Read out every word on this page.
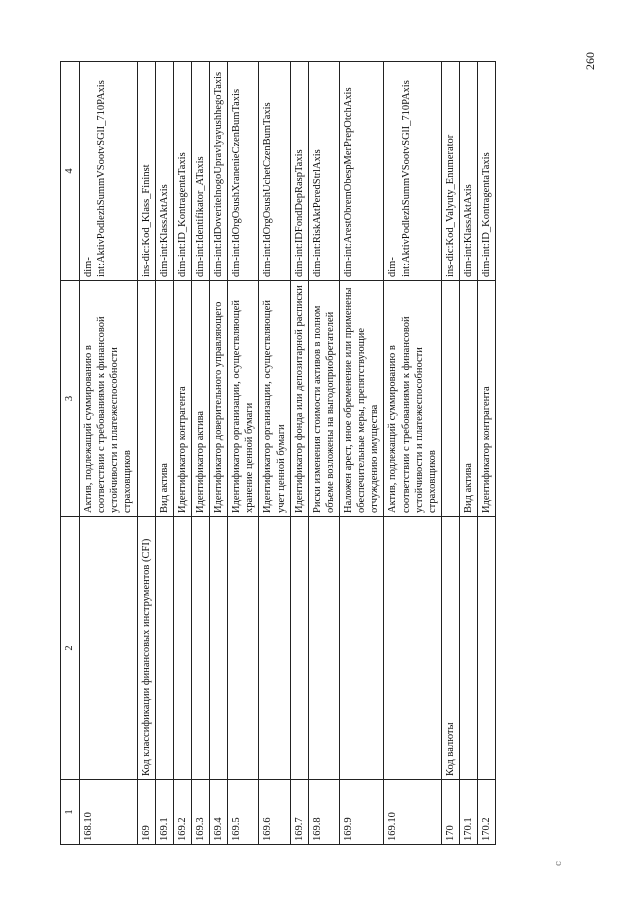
1	2	3	4
168.10		Актив, подлежащий суммированию в соответствии с требованиями к финансовой устойчивости и платежеспособности страховщиков	dim-int:AktivPodlezhSummVSootvSGlI_710PAxis
169	Код классификации финансовых инструментов (CFI)		ins-dic:Kod_Klass_Fininst
169.1		Вид актива	dim-int:KlassAktAxis
169.2		Идентификатор контрагента	dim-int:ID_KontragentaTaxis
169.3		Идентификатор актива	dim-int:Identifikator_ATaxis
169.4		Идентификатор доверительного управляющего	dim-int:IdDoveritelnogoUpravlyayushhegoTaxis
169.5		Идентификатор организации, осуществляющей хранение ценной бумаги	dim-int:IdOrgOsushXranenieCzenBumTaxis
169.6		Идентификатор организации, осуществляющей учет ценной бумаги	dim-int:IdOrgOsushUchetCzenBumTaxis
169.7		Идентификатор фонда или депозитарной расписки	dim-int:IDFondDepRaspTaxis
169.8		Риски изменения стоимости активов в полном объеме возложены на выгодоприобретателей	dim-int:RiskAktPeredStrlAxis
169.9		Наложен арест, иное обременение или применены обеспечительные меры, препятствующие отчуждению имущества	dim-int:ArestObremObespMerPrepOtchAxis
169.10		Актив, подлежащий суммированию в соответствии с требованиями к финансовой устойчивости и платежеспособности страховщиков	dim-int:AktivPodlezhSummVSootvSGlI_710PAxis
170	Код валюты		ins-dic:Kod_Valyuty_Enumerator
170.1		Вид актива	dim-int:KlassAktAxis
170.2		Идентификатор контрагента	dim-int:ID_KontragentaTaxis
260
ⅽ
